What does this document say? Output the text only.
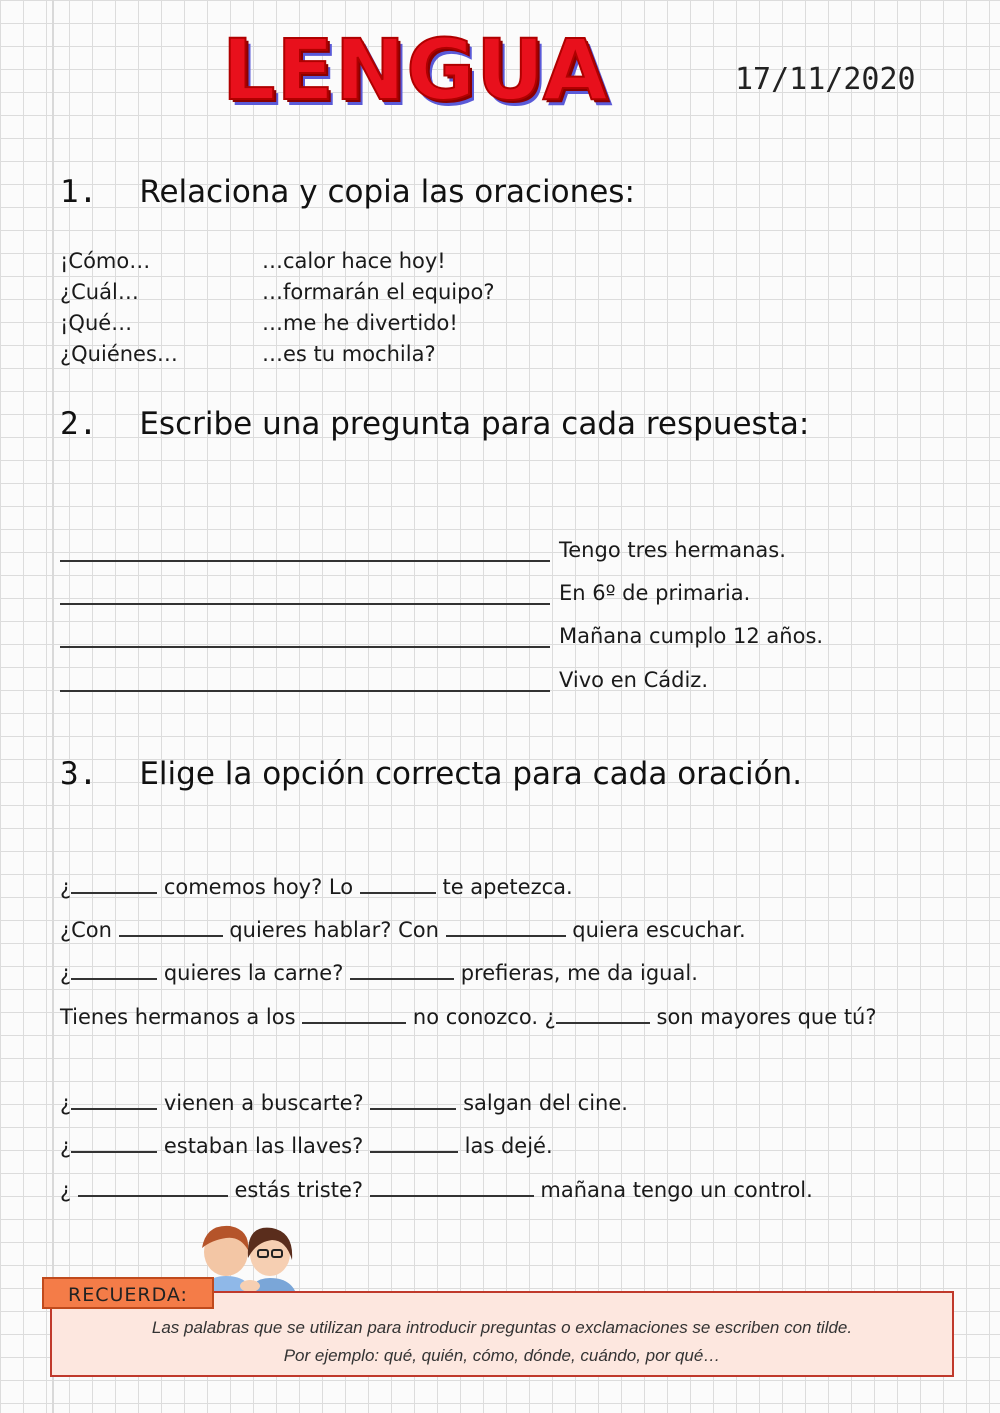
LENGUA	17/11/2020
1. Relaciona y copia las oraciones:
¡Cómo…	…calor hace hoy!
¿Cuál…	…formarán el equipo?
¡Qué…	…me he divertido!
¿Quiénes…	…es tu mochila?
2. Escribe una pregunta para cada respuesta:
Tengo tres hermanas.
En 6º de primaria.
Mañana cumplo 12 años.
Vivo en Cádiz.
3. Elige la opción correcta para cada oración.
¿	comemos hoy? Lo	te apetezca.
¿Con	quieres hablar? Con	quiera escuchar.
¿	quieres la carne?	prefieras, me da igual.
Tienes hermanos a los	no conozco. ¿	son mayores que tú?
¿	vienen a buscarte?	salgan del cine.
¿	estaban las llaves?	las dejé.
¿	estás triste?	mañana tengo un control.
RECUERDA:
Las palabras que se utilizan para introducir preguntas o exclamaciones se escriben con tilde.
Por ejemplo: qué, quién, cómo, dónde, cuándo, por qué…
